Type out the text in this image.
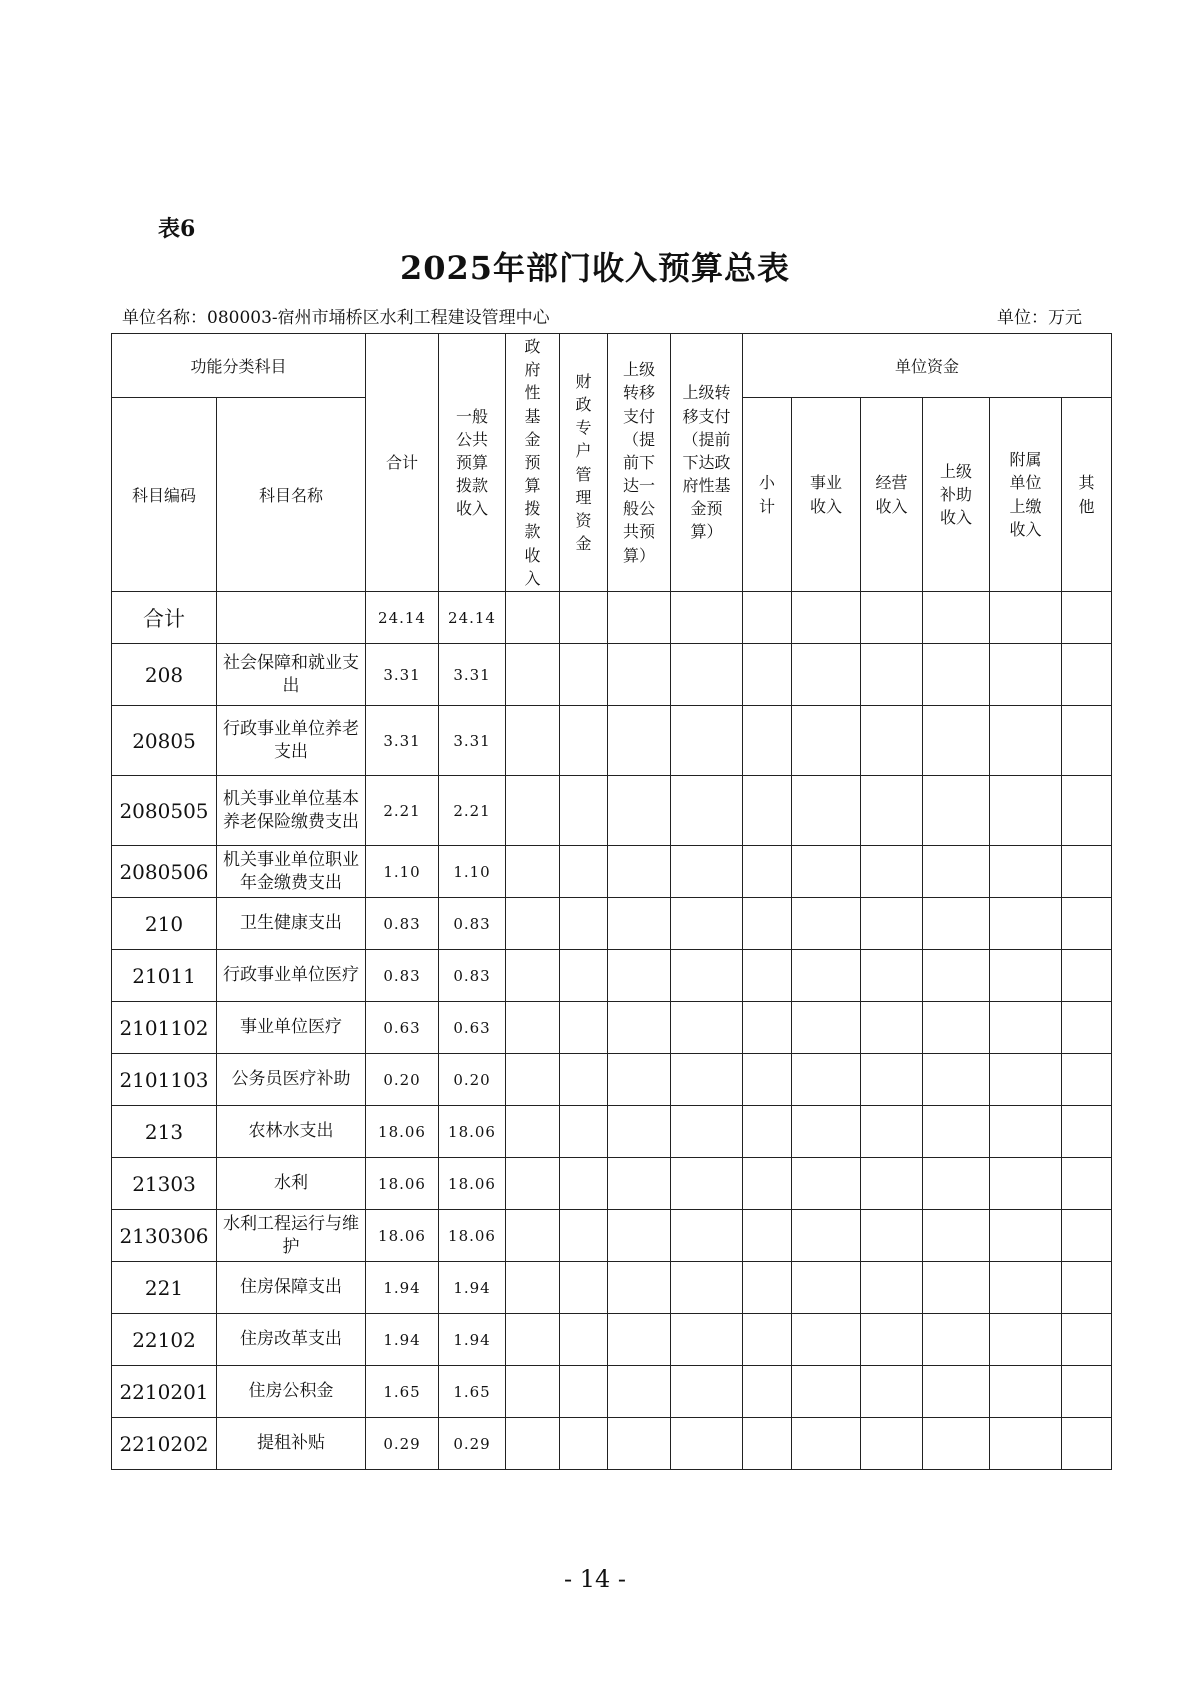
表6
2025年部门收入预算总表
单位名称：080003-宿州市埇桥区水利工程建设管理中心	单位：万元
功能分类科目		合计	一般公共预算拨款收入	政府性基金预算拨款收入	财政专户管理资金	上级转移支付（提前下达一般公共预算）	上级转移支付（提前下达政府性基金预算）	单位资金					
科目编码	科目名称							小计	事业收入	经营收入	上级补助收入	附属单位上缴收入	其他
合计		24.14	24.14										
208	社会保障和就业支出	3.31	3.31										
20805	行政事业单位养老支出	3.31	3.31										
2080505	机关事业单位基本养老保险缴费支出	2.21	2.21										
2080506	机关事业单位职业年金缴费支出	1.10	1.10										
210	卫生健康支出	0.83	0.83										
21011	行政事业单位医疗	0.83	0.83										
2101102	事业单位医疗	0.63	0.63										
2101103	公务员医疗补助	0.20	0.20										
213	农林水支出	18.06	18.06										
21303	水利	18.06	18.06										
2130306	水利工程运行与维护	18.06	18.06										
221	住房保障支出	1.94	1.94										
22102	住房改革支出	1.94	1.94										
2210201	住房公积金	1.65	1.65										
2210202	提租补贴	0.29	0.29										
- 14 -
